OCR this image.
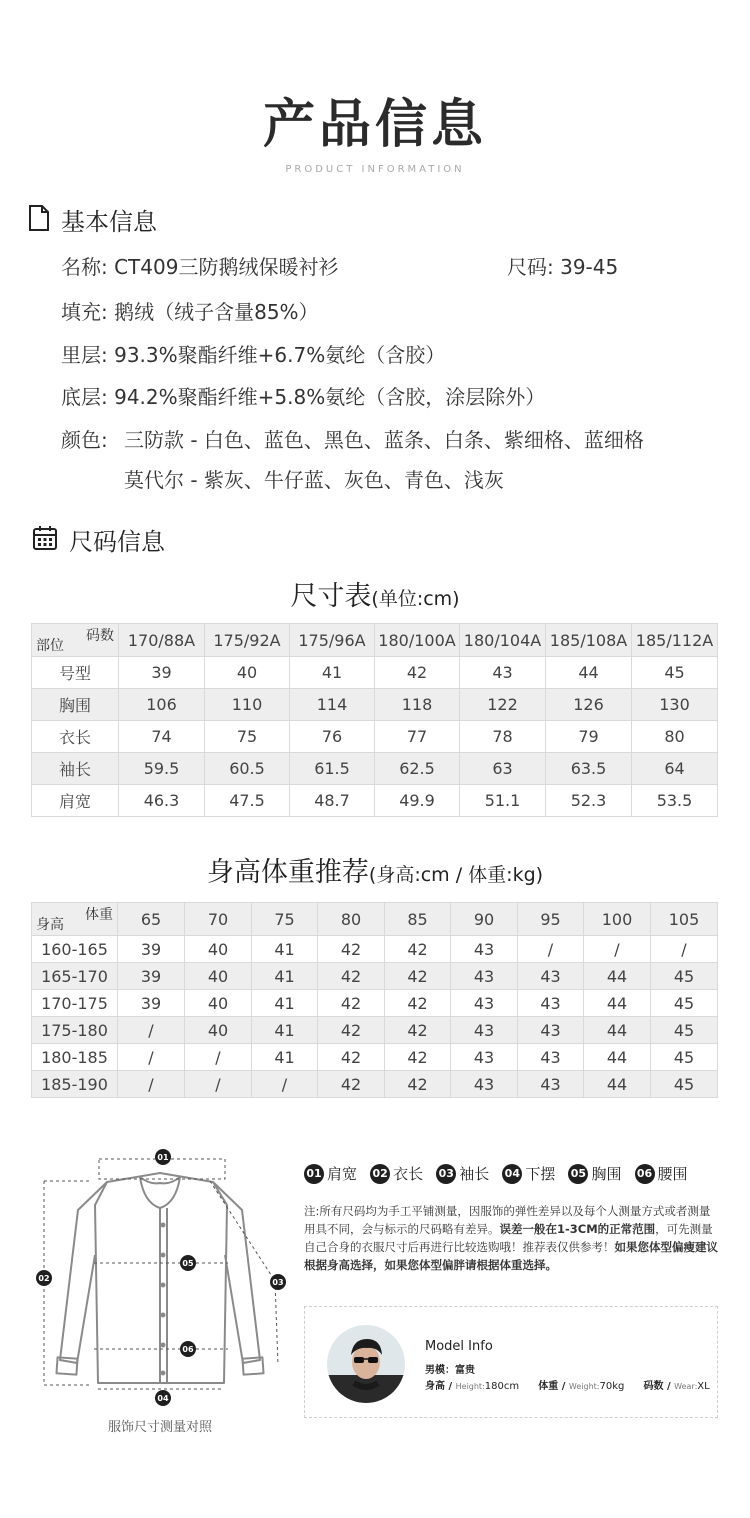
产品信息
PRODUCT INFORMATION
基本信息
名称: CT409三防鹅绒保暖衬衫	尺码: 39-45
填充: 鹅绒（绒子含量85%）
里层: 93.3%聚酯纤维+6.7%氨纶（含胶）
底层: 94.2%聚酯纤维+5.8%氨纶（含胶，涂层除外）
颜色: 三防款 - 白色、蓝色、黑色、蓝条、白条、紫细格、蓝细格
莫代尔 - 紫灰、牛仔蓝、灰色、青色、浅灰
尺码信息
尺寸表(单位:cm)
码数
部位	170/88A	175/92A	175/96A	180/100A	180/104A	185/108A	185/112A
号型	39	40	41	42	43	44	45
胸围	106	110	114	118	122	126	130
衣长	74	75	76	77	78	79	80
袖长	59.5	60.5	61.5	62.5	63	63.5	64
肩宽	46.3	47.5	48.7	49.9	51.1	52.3	53.5
身高体重推荐(身高:cm / 体重:kg)
体重
身高	65	70	75	80	85	90	95	100	105
160-165	39	40	41	42	42	43	/	/	/
165-170	39	40	41	42	42	43	43	44	45
170-175	39	40	41	42	42	43	43	44	45
175-180	/	40	41	42	42	43	43	44	45
180-185	/	/	41	42	42	43	43	44	45
185-190	/	/	/	42	42	43	43	44	45
01
02	03
04
05
06
服饰尺寸测量对照
01 肩宽 02 衣长 03 袖长 04 下摆 05 胸围 06 腰围
注:所有尺码均为手工平铺测量，因服饰的弹性差异以及每个人测量方式或者测量用具不同，会与标示的尺码略有差异。误差一般在1-3CM的正常范围，可先测量自己合身的衣服尺寸后再进行比较选购哦！推荐表仅供参考！如果您体型偏瘦建议根据身高选择，如果您体型偏胖请根据体重选择。
Model Info
男模：富贵
身高 / Height:180cm 体重 / Weight:70kg 码数 / Wear:XL
